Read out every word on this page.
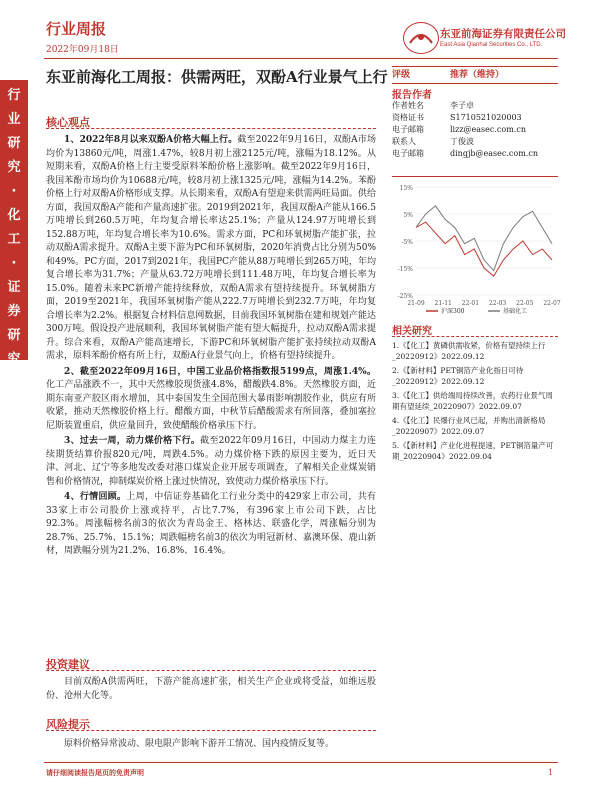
行业周报
2022年09月18日
东亚前海证券有限责任公司
East Asia Qianhai Securities Co., LTD.
行
业
研
究
·
化
工
·
证
券
研
究
报
告
东亚前海化工周报：供需两旺，双酚A行业景气上行
核心观点

1、2022年8月以来双酚A价格大幅上行。截至2022年9月16日，双酚A市场均价为13860元/吨，周涨1.47%，较8月初上涨2125元/吨，涨幅为18.12%。从短期来看，双酚A价格上行主要受原料苯酚价格上涨影响。截至2022年9月16日，我国苯酚市场均价为10688元/吨，较8月初上涨1325元/吨，涨幅为14.2%。苯酚价格上行对双酚A价格形成支撑。从长期来看，双酚A有望迎来供需两旺局面。供给方面，我国双酚A产能和产量高速扩张。2019到2021年，我国双酚A产能从166.5万吨增长到260.5万吨，年均复合增长率达25.1%；产量从124.97万吨增长到152.88万吨，年均复合增长率为10.6%。需求方面，PC和环氧树脂产能扩张，拉动双酚A需求提升。双酚A主要下游为PC和环氧树脂，2020年消费占比分别为50%和49%。PC方面，2017到2021年，我国PC产能从88万吨增长到265万吨，年均复合增长率为31.7%；产量从63.72万吨增长到111.48万吨，年均复合增长率为15.0%。随着未来PC新增产能持续释放，双酚A需求有望持续提升。环氧树脂方面，2019至2021年，我国环氧树脂产能从222.7万吨增长到232.7万吨，年均复合增长率为2.2%。根据复合材料信息网数据，目前我国环氧树脂在建和规划产能达300万吨。假设投产进展顺利，我国环氧树脂产能有望大幅提升，拉动双酚A需求提升。综合来看，双酚A产能高速增长，下游PC和环氧树脂产能扩张持续拉动双酚A需求，原料苯酚价格有所上行，双酚A行业景气向上，价格有望持续提升。

2、截至2022年09月16日，中国工业品价格指数报5199点，周涨1.4%。化工产品涨跌不一，其中天然橡胶现货涨4.8%，醋酸跌4.8%。天然橡胶方面，近期东南亚产胶区雨水增加，其中泰国发生全国范围大暴雨影响割胶作业，供应有所收紧，推动天然橡胶价格上行。醋酸方面，中秋节后醋酸需求有所回落，叠加塞拉尼斯装置重启，供应量回升，致使醋酸价格承压下行。

3、过去一周，动力煤价格下行。截至2022年09月16日，中国动力煤主力连续期货结算价报820元/吨，周跌4.5%。动力煤价格下跌的原因主要为，近日天津、河北、辽宁等多地发改委对港口煤炭企业开展专项调查，了解相关企业煤炭销售和价格情况，抑制煤炭价格上涨过快情况，致使动力煤价格承压下行。

4、行情回顾。上周，中信证券基础化工行业分类中的429家上市公司，共有33家上市公司股价上涨或持平，占比7.7%，有396家上市公司下跌，占比92.3%。周涨幅榜名前3的依次为青岛金王、格林达、联盛化学，周涨幅分别为28.7%、25.7%、15.1%；周跌幅榜名前3的依次为明冠新材、嘉澳环保、鹿山新材，周跌幅分别为21.2%、16.8%、16.4%。

投资建议
目前双酚A供需两旺，下游产能高速扩张，相关生产企业或将受益，如维远股份、沧州大化等。
风险提示
原料价格异常波动、限电限产影响下游开工情况、国内疫情反复等。
评级	推荐（维持）
报告作者
作者姓名	李子卓
资格证书	S1710521020003
电子邮箱	lizz@easec.com.cn
联系人	丁俊波
电子邮箱	dingjb@easec.com.cn
-25%
-15%
-5%
5%
15%
21-09 21-11 22-01 22-03 22-05 22-07
沪深300	基础化工
相关研究
1.《【化工】黄磷供需收紧，价格有望持续上行_20220912》2022.09.12
2.《【新材料】PET铜箔产业化指日可待_20220912》2022.09.12
3.《【化工】供给端局持续改善，农药行业景气周期有望延续_20220907》2022.09.07
4.《【化工】民爆行业风已起，并购出清新格局_20220907》2022.09.07
5.《【新材料】产业化进程提速，PET铜箔量产可期_20220904》2022.09.04
请仔细阅读报告尾页的免责声明	1
